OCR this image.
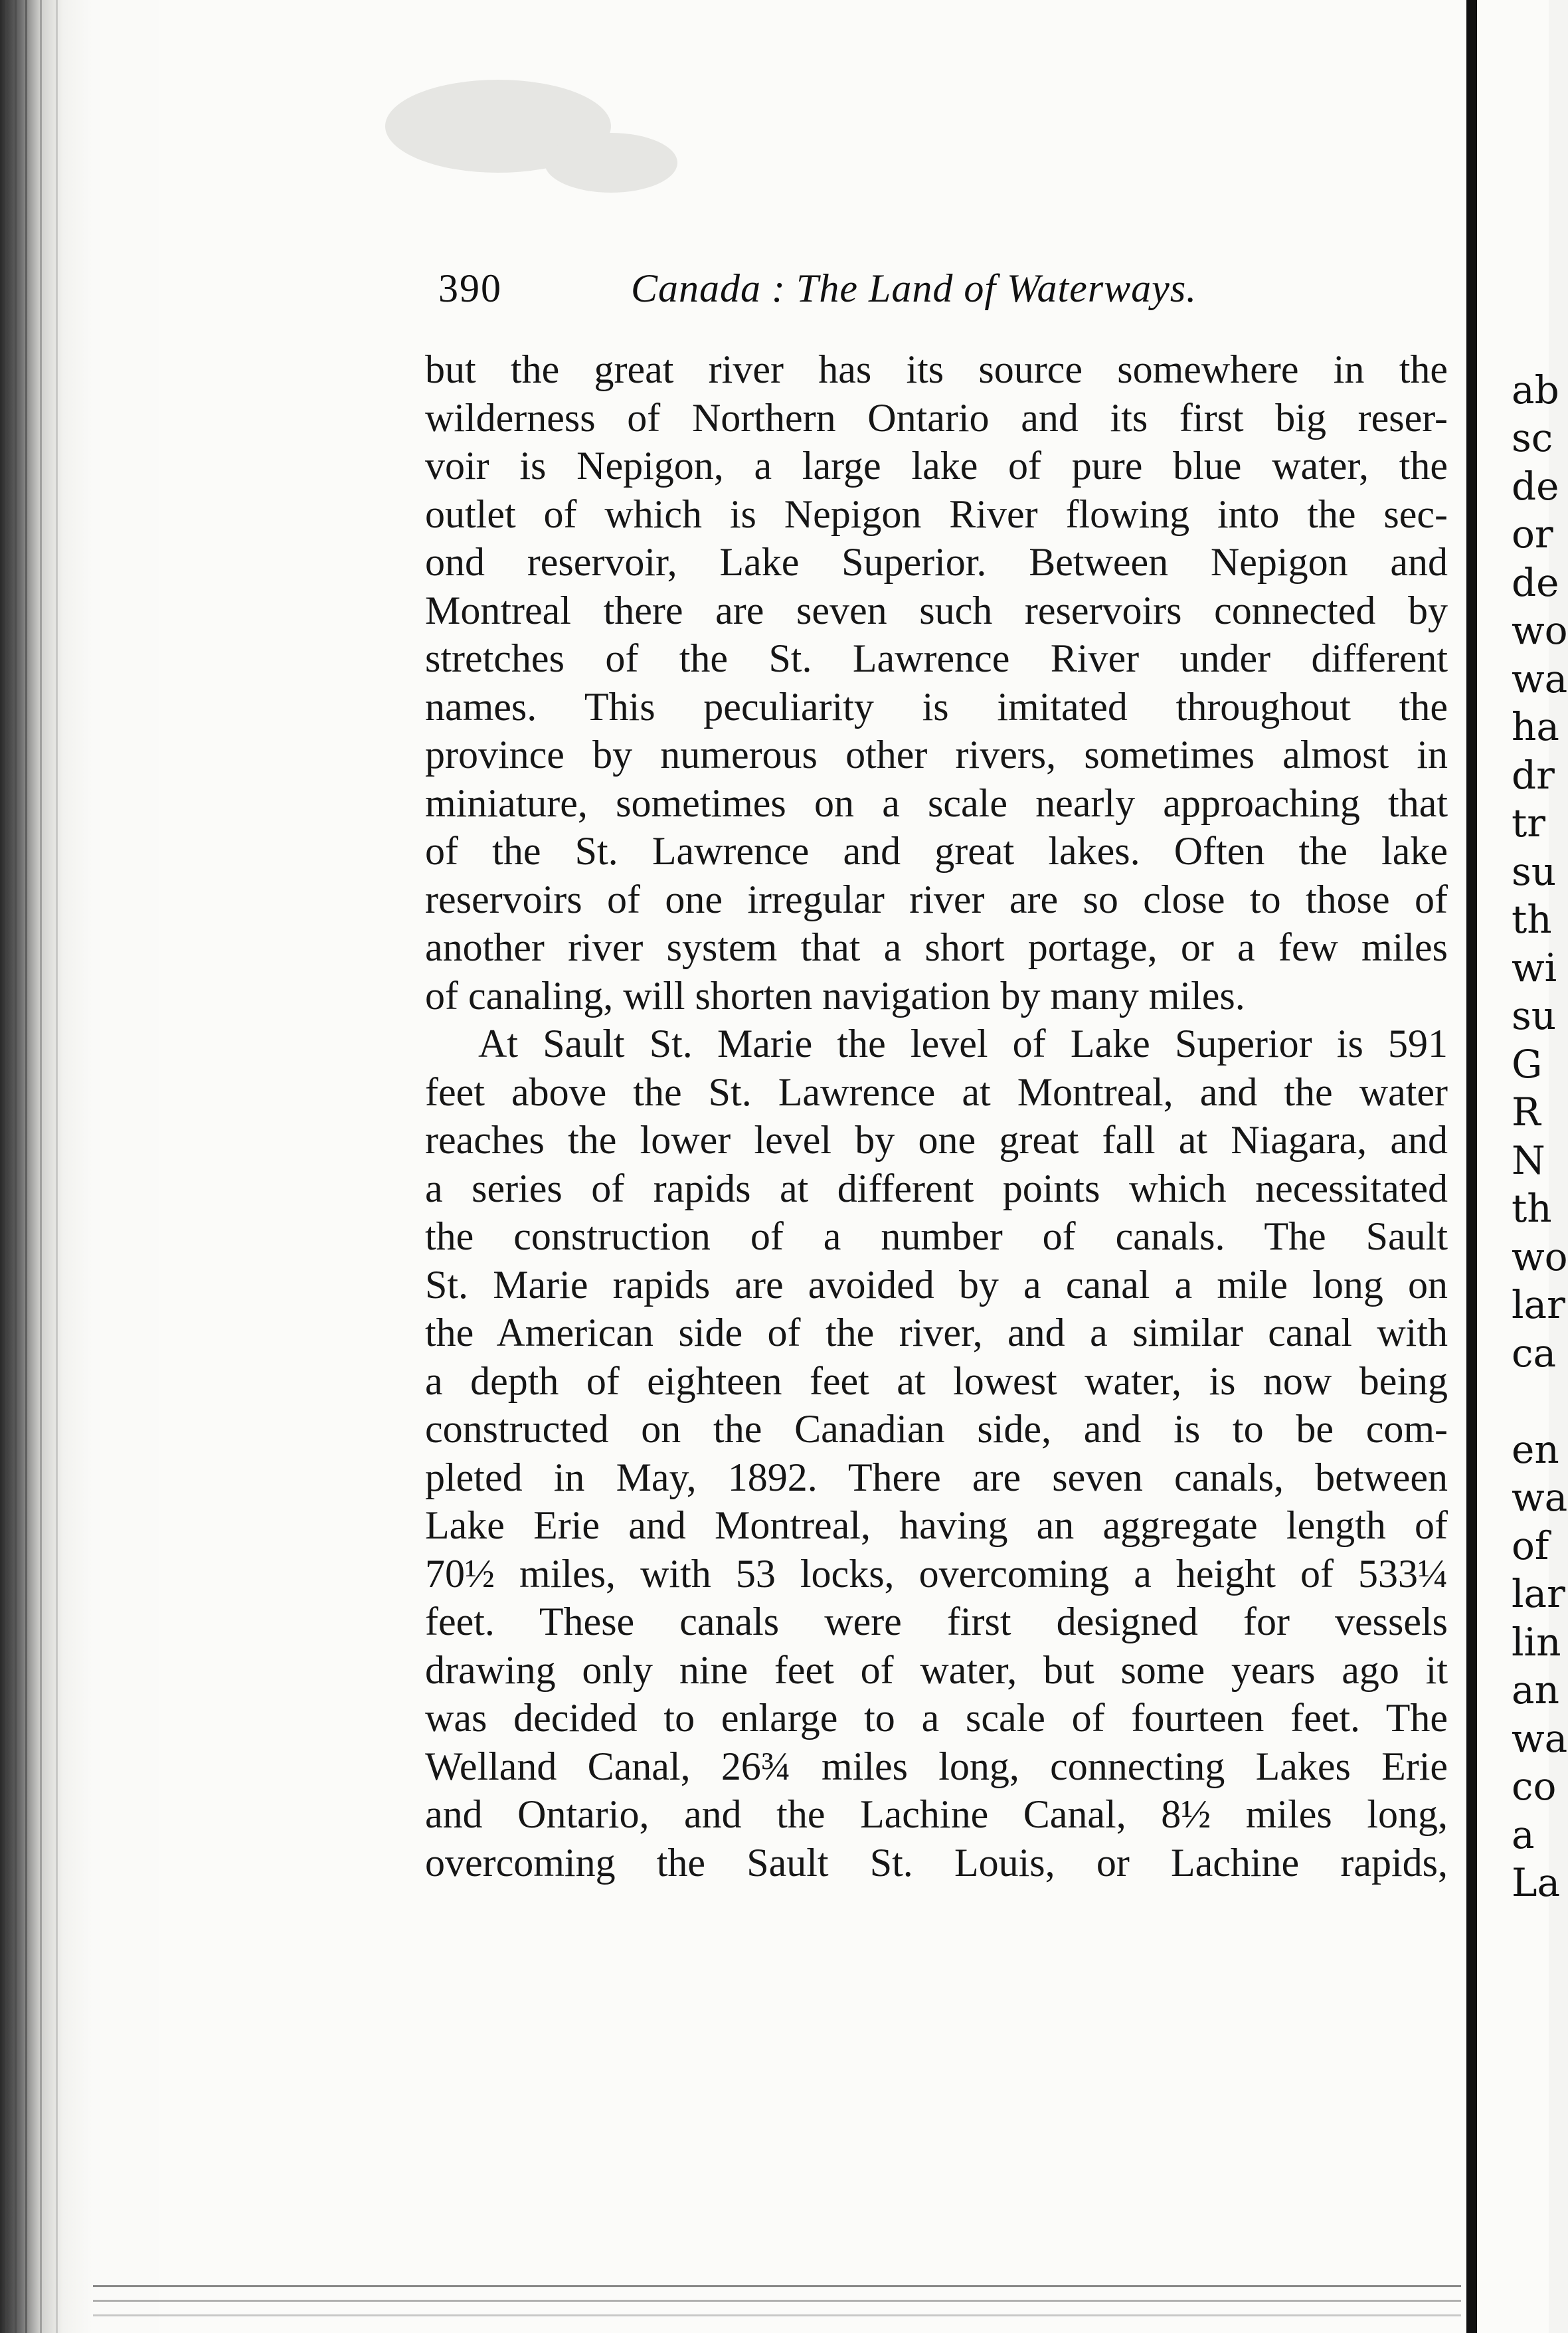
390	Canada : The Land of Waterways.
but the great river has its source somewhere in the
wilderness of Northern Ontario and its first big reser-
voir is Nepigon, a large lake of pure blue water, the
outlet of which is Nepigon River flowing into the sec-
ond reservoir, Lake Superior. Between Nepigon and
Montreal there are seven such reservoirs connected by
stretches of the St. Lawrence River under different
names. This peculiarity is imitated throughout the
province by numerous other rivers, sometimes almost in
miniature, sometimes on a scale nearly approaching that
of the St. Lawrence and great lakes. Often the lake
reservoirs of one irregular river are so close to those of
another river system that a short portage, or a few miles
of canaling, will shorten navigation by many miles.
At Sault St. Marie the level of Lake Superior is 591
feet above the St. Lawrence at Montreal, and the water
reaches the lower level by one great fall at Niagara, and
a series of rapids at different points which necessitated
the construction of a number of canals. The Sault
St. Marie rapids are avoided by a canal a mile long on
the American side of the river, and a similar canal with
a depth of eighteen feet at lowest water, is now being
constructed on the Canadian side, and is to be com-
pleted in May, 1892. There are seven canals, between
Lake Erie and Montreal, having an aggregate length of
70½ miles, with 53 locks, overcoming a height of 533¼
feet. These canals were first designed for vessels
drawing only nine feet of water, but some years ago it
was decided to enlarge to a scale of fourteen feet. The
Welland Canal, 26¾ miles long, connecting Lakes Erie
and Ontario, and the Lachine Canal, 8½ miles long,
overcoming the Sault St. Louis, or Lachine rapids,
ab
sc
de
or
de
wo
wa
ha
dr
tr
su
th
wi
su
G
R
N
th
wo
lar
ca
en
wa
of
lar
lin
an
wa
co
a
La
